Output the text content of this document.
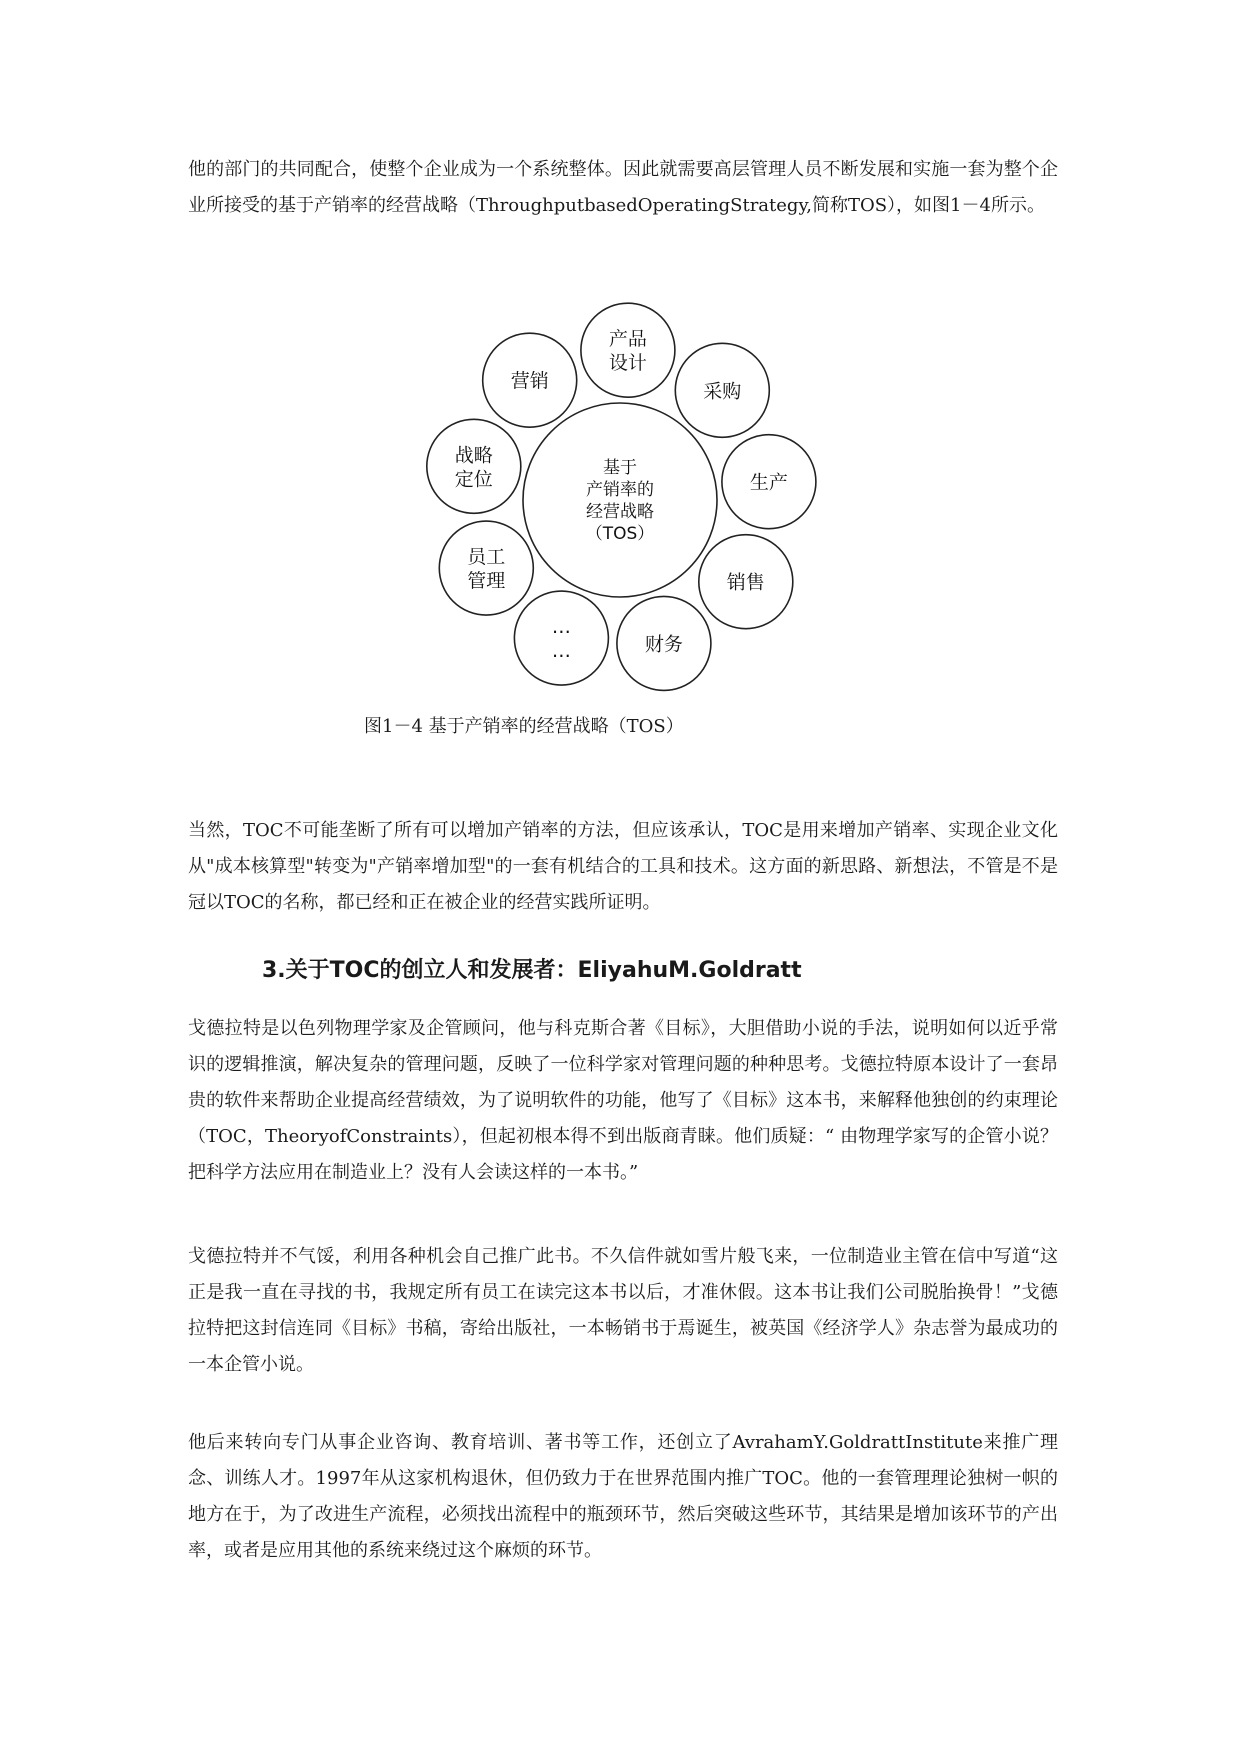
他的部门的共同配合，使整个企业成为一个系统整体。因此就需要高层管理人员不断发展和实施一套为整个企业所接受的基于产销率的经营战略（ThroughputbasedOperatingStrategy,简称TOS），如图1－4所示。

基于
产销率的
经营战略
（TOS）
产品
设计
采购
生产
销售
财务
…
…
员工
管理
战略
定位
营销

图1－4 基于产销率的经营战略（TOS）

当然，TOC不可能垄断了所有可以增加产销率的方法，但应该承认，TOC是用来增加产销率、实现企业文化从"成本核算型"转变为"产销率增加型"的一套有机结合的工具和技术。这方面的新思路、新想法，不管是不是冠以TOC的名称，都已经和正在被企业的经营实践所证明。

3.关于TOC的创立人和发展者：EliyahuM.Goldratt

戈德拉特是以色列物理学家及企管顾问，他与科克斯合著《目标》，大胆借助小说的手法，说明如何以近乎常识的逻辑推演，解决复杂的管理问题，反映了一位科学家对管理问题的种种思考。戈德拉特原本设计了一套昂贵的软件来帮助企业提高经营绩效，为了说明软件的功能，他写了《目标》这本书，来解释他独创的约束理论（TOC，TheoryofConstraints），但起初根本得不到出版商青睐。他们质疑：“ 由物理学家写的企管小说？把科学方法应用在制造业上？没有人会读这样的一本书。”

戈德拉特并不气馁，利用各种机会自己推广此书。不久信件就如雪片般飞来，一位制造业主管在信中写道“这正是我一直在寻找的书，我规定所有员工在读完这本书以后，才准休假。这本书让我们公司脱胎换骨！”戈德拉特把这封信连同《目标》书稿，寄给出版社，一本畅销书于焉诞生，被英国《经济学人》杂志誉为最成功的一本企管小说。

他后来转向专门从事企业咨询、教育培训、著书等工作，还创立了AvrahamY.GoldrattInstitute来推广理念、训练人才。1997年从这家机构退休，但仍致力于在世界范围内推广TOC。他的一套管理理论独树一帜的地方在于，为了改进生产流程，必须找出流程中的瓶颈环节，然后突破这些环节，其结果是增加该环节的产出率，或者是应用其他的系统来绕过这个麻烦的环节。
